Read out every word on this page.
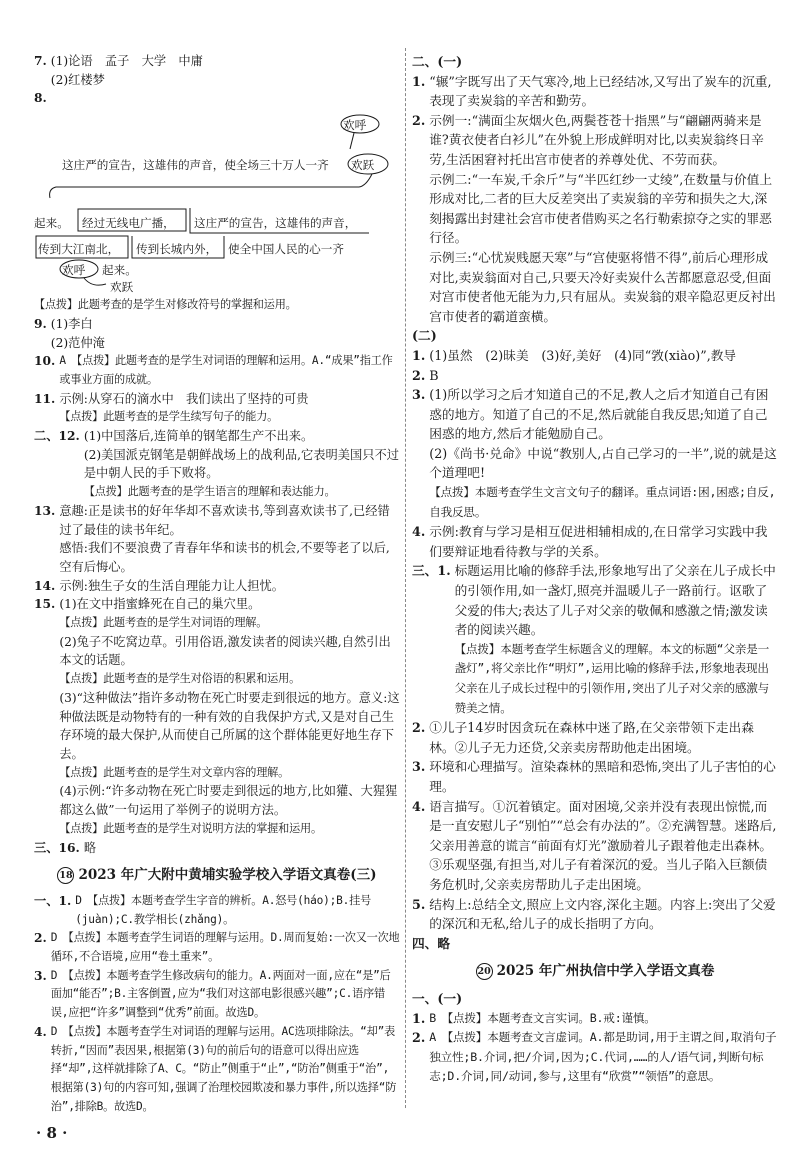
7. (1)论语　孟子　大学　中庸
(2)红楼梦
8.
欢呼
欢跃
这庄严的宣告，这雄伟的声音，使全场三十万人一齐
起来。 经过无线电广播， 这庄严的宣告，这雄伟的声音，
传到大江南北， 传到长城内外， 使全中国人民的心一齐
欢呼 起来。
欢跃
【点拨】此题考查的是学生对修改符号的掌握和运用。
9. (1)李白
(2)范仲淹
10. A　【点拨】此题考查的是学生对词语的理解和运用。A.“成果”指工作或事业方面的成就。
11. 示例:从穿石的滴水中　我们读出了坚持的可贵
【点拨】此题考查的是学生续写句子的能力。
二、12. (1)中国落后,连简单的钢笔都生产不出来。
(2)美国派克钢笔是朝鲜战场上的战利品,它表明美国只不过是中朝人民的手下败将。
【点拨】此题考查的是学生语言的理解和表达能力。
13. 意趣:正是读书的好年华却不喜欢读书,等到喜欢读书了,已经错过了最佳的读书年纪。
感悟:我们不要浪费了青春年华和读书的机会,不要等老了以后,空有后悔心。
14. 示例:独生子女的生活自理能力让人担忧。
15. (1)在文中指蜜蜂死在自己的巢穴里。
【点拨】此题考查的是学生对词语的理解。
(2)兔子不吃窝边草。引用俗语,激发读者的阅读兴趣,自然引出本文的话题。
【点拨】此题考查的是学生对俗语的积累和运用。
(3)“这种做法”指许多动物在死亡时要走到很远的地方。意义:这种做法既是动物特有的一种有效的自我保护方式,又是对自己生存环境的最大保护,从而使自己所属的这个群体能更好地生存下去。
【点拨】此题考查的是学生对文章内容的理解。
(4)示例:“许多动物在死亡时要走到很远的地方,比如獾、大猩猩都这么做”一句运用了举例子的说明方法。
【点拨】此题考查的是学生对说明方法的掌握和运用。
三、16. 略
18 2023 年广大附中黄埔实验学校入学语文真卷(三)
一、1. D　【点拨】本题考查学生字音的辨析。A.怒号(háo);B.挂号(juàn);C.教学相长(zhǎng)。
2. D　【点拨】本题考查学生词语的理解与运用。D.周而复始:一次又一次地循环,不合语境,应用“卷土重来”。
3. D　【点拨】本题考查学生修改病句的能力。A.两面对一面,应在“是”后面加“能否”;B.主客倒置,应为“我们对这部电影很感兴趣”;C.语序错误,应把“许多”调整到“优秀”前面。故选D。
4. D　【点拨】本题考查学生对词语的理解与运用。AC选项排除法。“却”表转折,“因而”表因果,根据第(3)句的前后句的语意可以得出应选择“却”,这样就排除了A、C。“防止”侧重于“止”,“防治”侧重于“治”,根据第(3)句的内容可知,强调了治理校园欺凌和暴力事件,所以选择“防治”,排除B。故选D。
二、(一)
1. “辗”字既写出了天气寒冷,地上已经结冰,又写出了炭车的沉重,表现了卖炭翁的辛苦和勤劳。
2. 示例一:“满面尘灰烟火色,两鬓苍苍十指黑”与“翩翩两骑来是谁?黄衣使者白衫儿”在外貌上形成鲜明对比,以卖炭翁终日辛劳,生活困窘衬托出宫市使者的养尊处优、不劳而获。
示例二:“一车炭,千余斤”与“半匹红纱一丈绫”,在数量与价值上形成对比,二者的巨大反差突出了卖炭翁的辛劳和损失之大,深刻揭露出封建社会宫市使者借购买之名行勒索掠夺之实的罪恶行径。
示例三:“心忧炭贱愿天寒”与“宫使驱将惜不得”,前后心理形成对比,卖炭翁面对自己,只要天冷好卖炭什么苦都愿意忍受,但面对宫市使者他无能为力,只有屈从。卖炭翁的艰辛隐忍更反衬出宫市使者的霸道蛮横。
(二)
1. (1)虽然　(2)昧美　(3)好,美好　(4)同“敩(xiào)”,教导
2. B
3. (1)所以学习之后才知道自己的不足,教人之后才知道自己有困惑的地方。知道了自己的不足,然后就能自我反思;知道了自己困惑的地方,然后才能勉励自己。
(2)《尚书·兑命》中说“教别人,占自己学习的一半”,说的就是这个道理吧!
【点拨】本题考查学生文言文句子的翻译。重点词语:困,困惑;自反,自我反思。
4. 示例:教育与学习是相互促进相辅相成的,在日常学习实践中我们要辩证地看待教与学的关系。
三、1. 标题运用比喻的修辞手法,形象地写出了父亲在儿子成长中的引领作用,如一盏灯,照亮并温暖儿子一路前行。讴歌了父爱的伟大;表达了儿子对父亲的敬佩和感激之情;激发读者的阅读兴趣。
【点拨】本题考查学生标题含义的理解。本文的标题“父亲是一盏灯”,将父亲比作“明灯”,运用比喻的修辞手法,形象地表现出父亲在儿子成长过程中的引领作用,突出了儿子对父亲的感激与赞美之情。
2. ①儿子14岁时因贪玩在森林中迷了路,在父亲带领下走出森林。②儿子无力还贷,父亲卖房帮助他走出困境。
3. 环境和心理描写。渲染森林的黑暗和恐怖,突出了儿子害怕的心理。
4. 语言描写。①沉着镇定。面对困境,父亲并没有表现出惊慌,而是一直安慰儿子“别怕”“总会有办法的”。②充满智慧。迷路后,父亲用善意的谎言“前面有灯光”激励着儿子跟着他走出森林。③乐观坚强,有担当,对儿子有着深沉的爱。当儿子陷入巨额债务危机时,父亲卖房帮助儿子走出困境。
5. 结构上:总结全文,照应上文内容,深化主题。内容上:突出了父爱的深沉和无私,给儿子的成长指明了方向。
四、略
20 2025 年广州执信中学入学语文真卷
一、(一)
1. B　【点拨】本题考查文言实词。B.戒:谨慎。
2. A　【点拨】本题考查文言虚词。A.都是助词,用于主谓之间,取消句子独立性;B.介词,把/介词,因为;C.代词,……的人/语气词,判断句标志;D.介词,同/动词,参与,这里有“欣赏”“领悟”的意思。
· 8 ·
